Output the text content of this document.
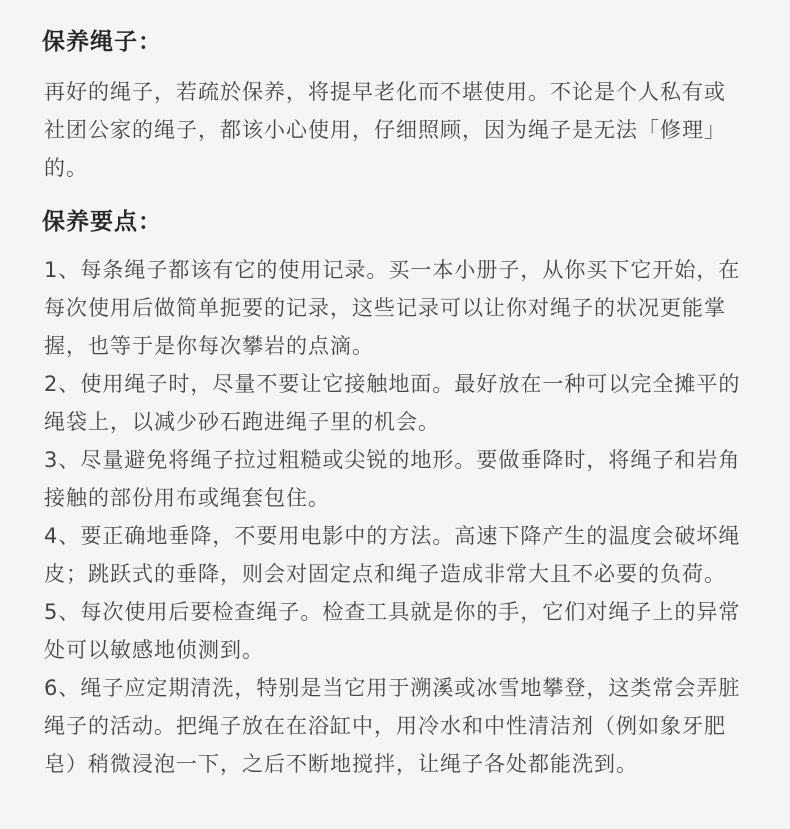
保养绳子：
再好的绳子，若疏於保养，将提早老化而不堪使用。不论是个人私有或
社团公家的绳子，都该小心使用，仔细照顾，因为绳子是无法「修理」
的。
保养要点：
1、每条绳子都该有它的使用记录。买一本小册子，从你买下它开始，在
每次使用后做简单扼要的记录，这些记录可以让你对绳子的状况更能掌
握，也等于是你每次攀岩的点滴。
2、使用绳子时，尽量不要让它接触地面。最好放在一种可以完全摊平的
绳袋上，以减少砂石跑进绳子里的机会。
3、尽量避免将绳子拉过粗糙或尖锐的地形。要做垂降时，将绳子和岩角
接触的部份用布或绳套包住。
4、要正确地垂降，不要用电影中的方法。高速下降产生的温度会破坏绳
皮；跳跃式的垂降，则会对固定点和绳子造成非常大且不必要的负荷。
5、每次使用后要检查绳子。检查工具就是你的手，它们对绳子上的异常
处可以敏感地侦测到。
6、绳子应定期清洗，特别是当它用于溯溪或冰雪地攀登，这类常会弄脏
绳子的活动。把绳子放在在浴缸中，用冷水和中性清洁剂（例如象牙肥
皂）稍微浸泡一下，之后不断地搅拌，让绳子各处都能洗到。
